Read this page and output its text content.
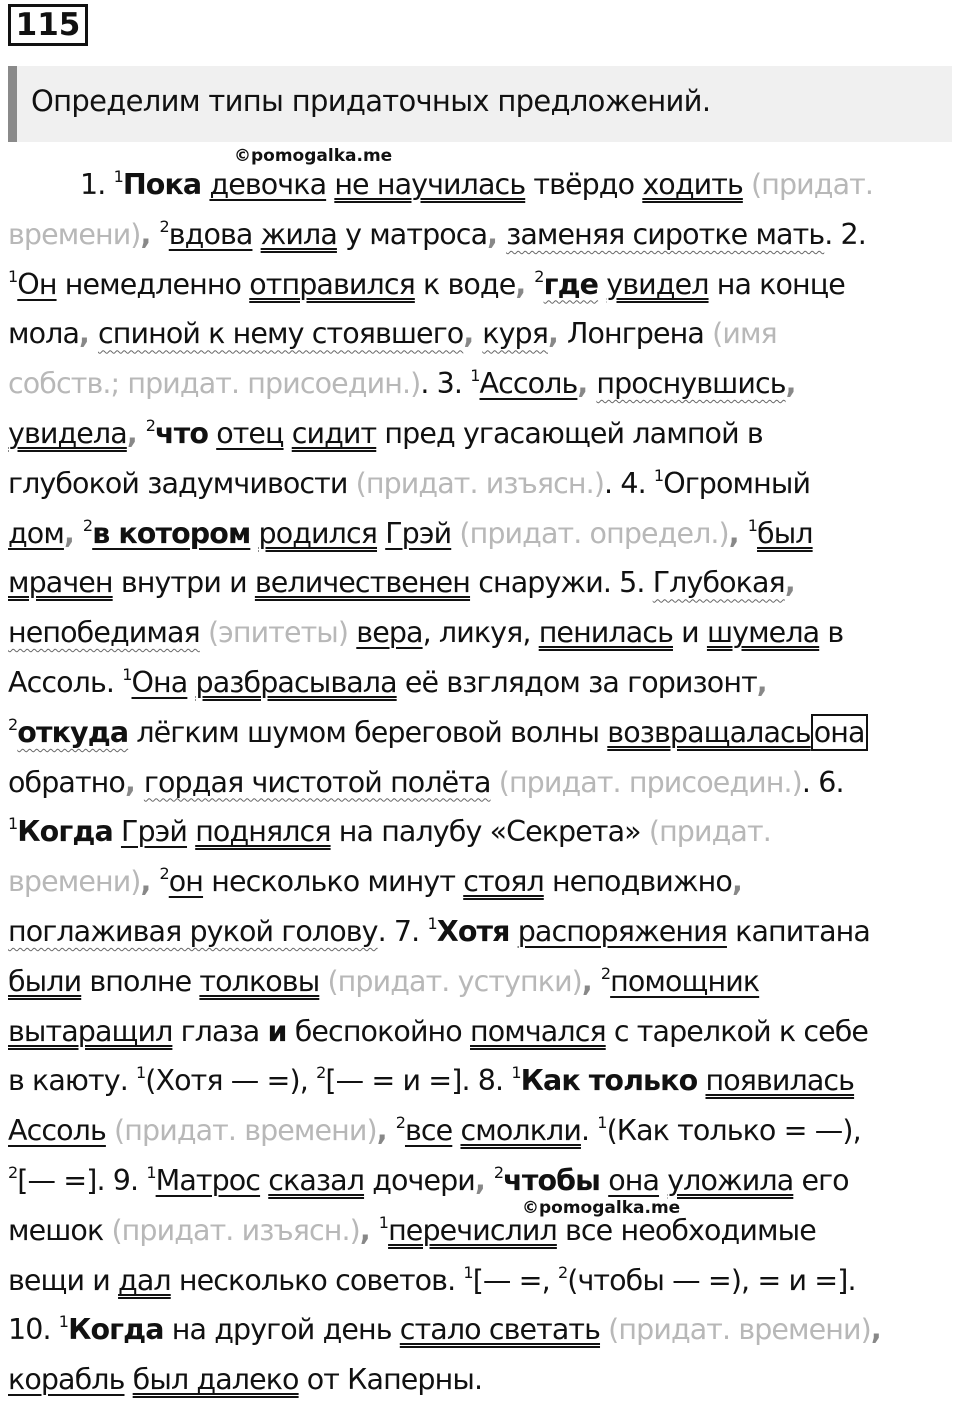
115
Определим типы придаточных предложений.
©pomogalka.me
©pomogalka.me
1. $^1$Пока девочка не научилась твёрдо ходить (придат.
времени), $^2$вдова жила у матроса, заменяя сиротке мать. 2.
$^1$Он немедленно отправился к воде, $^2$где увидел на конце
мола, спиной к нему стоявшего, куря, Лонгрена (имя
собств.; придат. присоедин.). 3. $^1$Ассоль, проснувшись,
увидела, $^2$что отец сидит пред угасающей лампой в
глубокой задумчивости (придат. изъясн.). 4. $^1$Огромный
дом, $^2$в котором родился Грэй (придат. определ.), $^1$был
мрачен внутри и величественен снаружи. 5. Глубокая,
непобедимая (эпитеты) вера, ликуя, пенилась и шумела в
Ассоль. $^1$Она разбрасывала её взглядом за горизонт,
$^2$откуда лёгким шумом береговой волны возвращалась она
обратно, гордая чистотой полёта (придат. присоедин.). 6.
$^1$Когда Грэй поднялся на палубу «Секрета» (придат.
времени), $^2$он несколько минут стоял неподвижно,
поглаживая рукой голову. 7. $^1$Хотя распоряжения капитана
были вполне толковы (придат. уступки), $^2$помощник
вытаращил глаза и беспокойно помчался с тарелкой к себе
в каюту. $^1$(Хотя — =), $^2$[— = и =]. 8. $^1$Как только появилась
Ассоль (придат. времени), $^2$все смолкли. $^1$(Как только = —),
$^2$[— =]. 9. $^1$Матрос сказал дочери, $^2$чтобы она уложила его
мешок (придат. изъясн.), $^1$перечислил все необходимые
вещи и дал несколько советов. $^1$[— =, $^2$(чтобы — =), = и =].
10. $^1$Когда на другой день стало светать (придат. времени),
корабль был далеко от Каперны.
